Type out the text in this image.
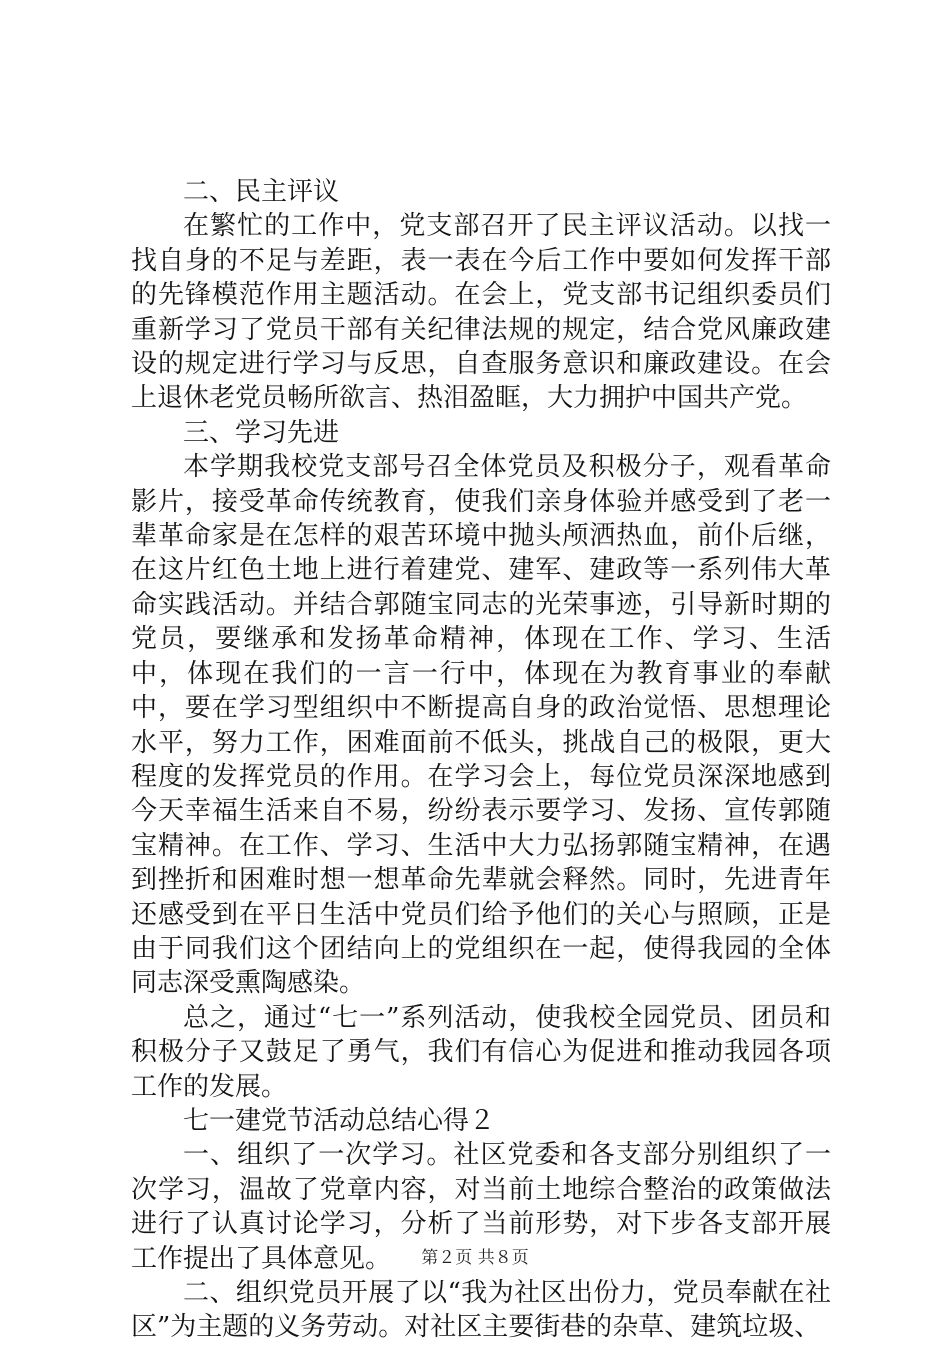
二、民主评议

在繁忙的工作中，党支部召开了民主评议活动。以找一找自身的不足与差距，表一表在今后工作中要如何发挥干部的先锋模范作用主题活动。在会上，党支部书记组织委员们重新学习了党员干部有关纪律法规的规定，结合党风廉政建设的规定进行学习与反思，自查服务意识和廉政建设。在会上退休老党员畅所欲言、热泪盈眶，大力拥护中国共产党。

三、学习先进

本学期我校党支部号召全体党员及积极分子，观看革命影片，接受革命传统教育，使我们亲身体验并感受到了老一辈革命家是在怎样的艰苦环境中抛头颅洒热血，前仆后继，在这片红色土地上进行着建党、建军、建政等一系列伟大革命实践活动。并结合郭随宝同志的光荣事迹，引导新时期的党员，要继承和发扬革命精神，体现在工作、学习、生活中，体现在我们的一言一行中，体现在为教育事业的奉献中，要在学习型组织中不断提高自身的政治觉悟、思想理论水平，努力工作，困难面前不低头，挑战自己的极限，更大程度的发挥党员的作用。在学习会上，每位党员深深地感到今天幸福生活来自不易，纷纷表示要学习、发扬、宣传郭随宝精神。在工作、学习、生活中大力弘扬郭随宝精神，在遇到挫折和困难时想一想革命先辈就会释然。同时，先进青年还感受到在平日生活中党员们给予他们的关心与照顾，正是由于同我们这个团结向上的党组织在一起，使得我园的全体同志深受熏陶感染。

总之，通过“七一”系列活动，使我校全园党员、团员和积极分子又鼓足了勇气，我们有信心为促进和推动我园各项工作的发展。

七一建党节活动总结心得２

一、组织了一次学习。社区党委和各支部分别组织了一次学习，温故了党章内容，对当前土地综合整治的政策做法进行了认真讨论学习，分析了当前形势，对下步各支部开展工作提出了具体意见。

二、组织党员开展了以“我为社区出份力，党员奉献在社区”为主题的义务劳动。对社区主要街巷的杂草、建筑垃圾、

第２页 共８页
